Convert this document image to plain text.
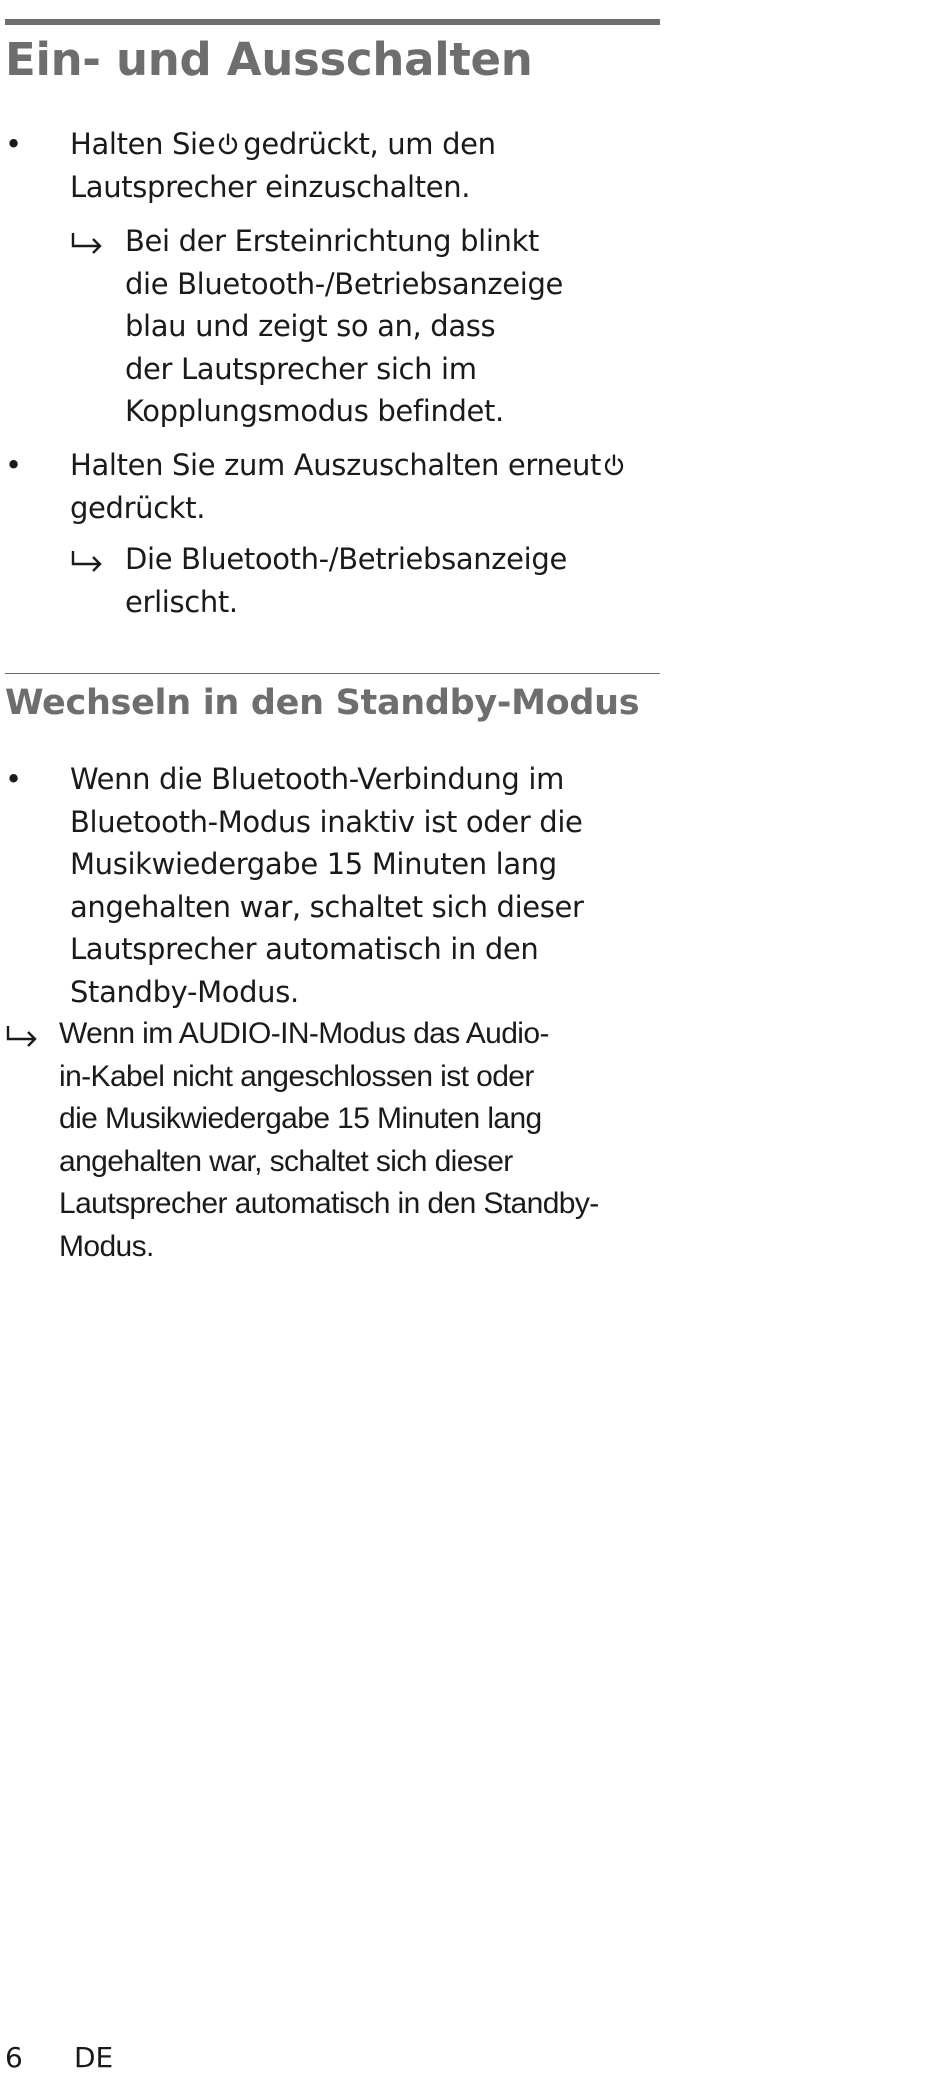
Ein- und Ausschalten
• Halten Sie gedrückt, um den
Lautsprecher einzuschalten.
Bei der Ersteinrichtung blinkt
die Bluetooth-/Betriebsanzeige
blau und zeigt so an, dass
der Lautsprecher sich im
Kopplungsmodus befindet.
• Halten Sie zum Auszuschalten erneut
gedrückt.
Die Bluetooth-/Betriebsanzeige
erlischt.
Wechseln in den Standby-Modus
• Wenn die Bluetooth-Verbindung im
Bluetooth-Modus inaktiv ist oder die
Musikwiedergabe 15 Minuten lang
angehalten war, schaltet sich dieser
Lautsprecher automatisch in den
Standby-Modus.
Wenn im AUDIO-IN-Modus das Audio-
in-Kabel nicht angeschlossen ist oder
die Musikwiedergabe 15 Minuten lang
angehalten war, schaltet sich dieser
Lautsprecher automatisch in den Standby-
Modus.
6 DE
